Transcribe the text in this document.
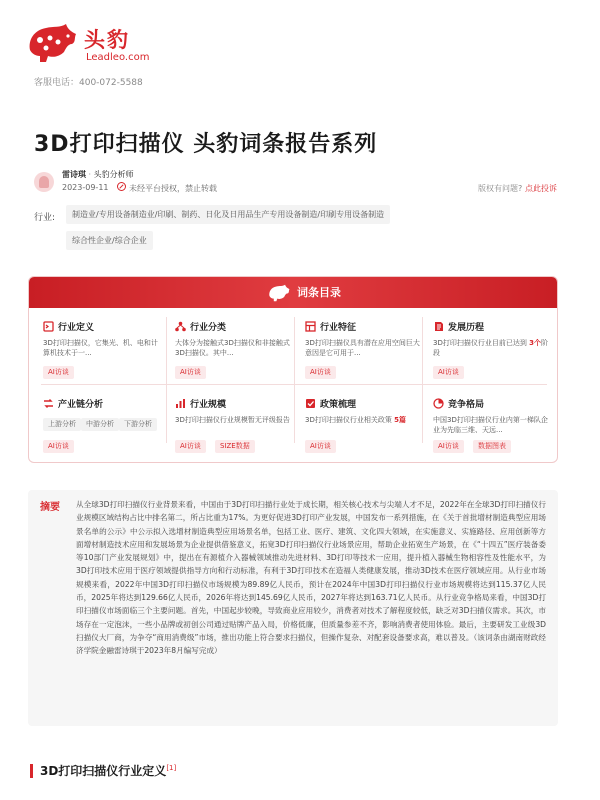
头豹
Leadleo.com
客服电话：400-072-5588
3D打印扫描仪 头豹词条报告系列
雷诗琪 · 头豹分析师
2023-09-11	未经平台授权，禁止转载	版权有问题? 点此投诉
行业:	制造业/专用设备制造业/印刷、制药、日化及日用品生产专用设备制造/印刷专用设备制造
综合性企业/综合企业
词条目录
行业定义
3D打印扫描仪，它集光、机、电和计算机技术于一...
AI访谈
行业分类
大体分为接触式3D扫描仪和非接触式3D扫描仪。其中...
AI访谈
行业特征
3D打印扫描仪具有潜在应用空间巨大意因是它可用于...
AI访谈
发展历程
3D打印扫描仪行业目前已达到 3个阶段
AI访谈
产业链分析
上游分析	中游分析	下游分析
AI访谈
行业规模
3D打印扫描仪行业规模暂无评级报告
AI访谈	SIZE数据
政策梳理
3D打印扫描仪行业相关政策 5篇
AI访谈
竞争格局
中国3D打印扫描仪行业内第一梯队企业为先临三维、天远...
AI访谈	数据图表
摘要 从全球3D打印扫描仪行业背景来看，中国由于3D打印扫描行业处于成长期，相关核心技术与尖端人才不足，2022年在全球3D打印扫描仪行业规模区域结构占比中排名第二，所占比重为17%。为更好促进3D打印产业发展，中国发布一系列措施，在《关于首批增材制造典型应用场景名单的公示》中公示拟入选增材制造典型应用场景名单，包括工业、医疗、建筑、文化四大领域，在实施意义、实施路径、应用创新等方面增材制造技术应用和发展场景为企业提供借鉴意义，拓宽3D打印扫描仪行业场景应用，帮助企业拓宽生产场景，在《“十四五”医疗装备委等10部门产业发展规划》中，提出在有源植介入器械领域推动先进材料、3D打印等技术一应用，提升植入器械生物相容性及性能水平，为3D打印技术应用于医疗领域提供指导方向和行动标准，有利于3D打印技术在造福人类健康发展，推动3D技术在医疗领域应用。从行业市场规模来看，2022年中国3D打印扫描仪市场规模为89.89亿人民币，预计在2024年中国3D打印扫描仪行业市场规模将达到115.37亿人民币，2025年将达到129.66亿人民币，2026年将达到145.69亿人民币，2027年将达到163.71亿人民币。从行业竞争格局来看，中国3D打印扫描仪市场面临三个主要问题。首先，中国起步较晚，导致商业应用较少，消费者对技术了解程度较低，缺乏对3D扫描仪需求。其次，市场存在一定泡沫，一些小品牌或初创公司通过贴牌产品入局，价格低廉，但质量参差不齐，影响消费者使用体验。最后，主要研发工业级3D扫描仪大厂商，为争夺“商用消费级”市场，推出功能上符合要求扫描仪，但操作复杂、对配套设备要求高，难以普及。（该词条由湖南财政经济学院金融雷诗琪于2023年8月编写完成）
3D打印扫描仪行业定义[1]
